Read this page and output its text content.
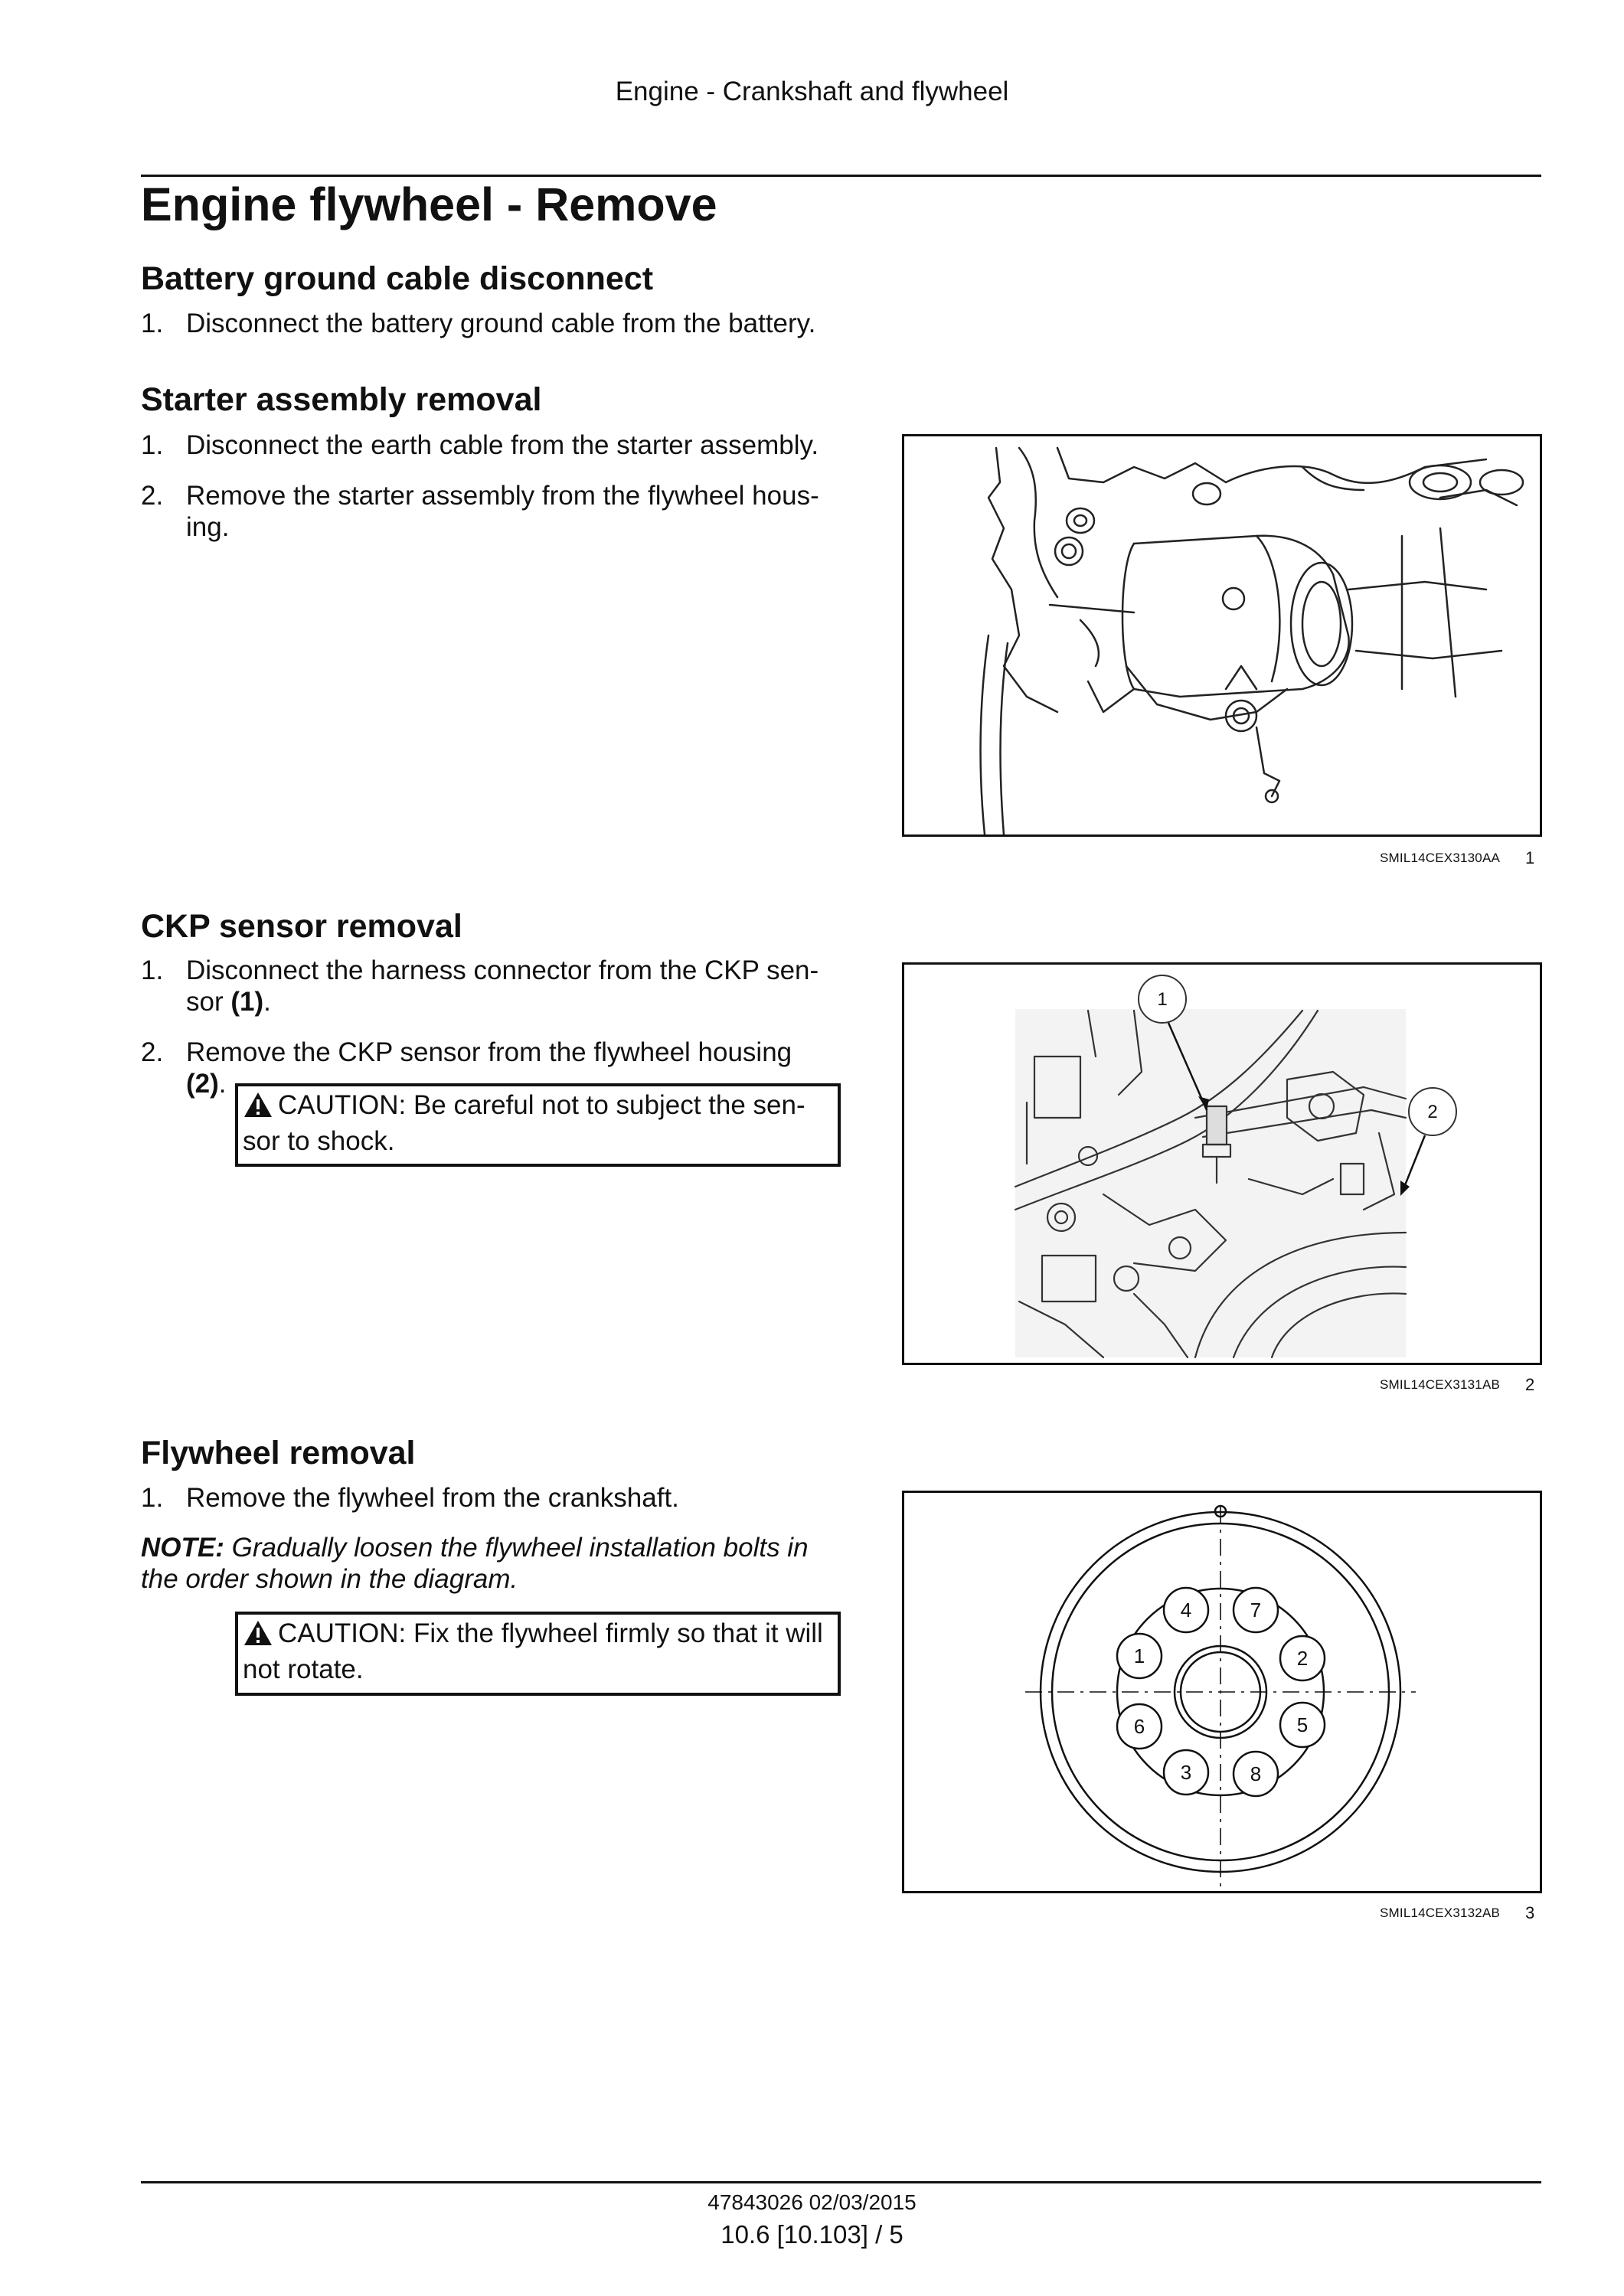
Engine - Crankshaft and flywheel
Engine flywheel - Remove
Battery ground cable disconnect
1. Disconnect the battery ground cable from the battery.
Starter assembly removal
1. Disconnect the earth cable from the starter assembly.
2. Remove the starter assembly from the flywheel hous-
ing.
SMIL14CEX3130AA 1
CKP sensor removal
1. Disconnect the harness connector from the CKP sen-
sor (1).
2. Remove the CKP sensor from the flywheel housing (2).
CAUTION: Be careful not to subject the sen-
sor to shock.
1
2
SMIL14CEX3131AB 2
Flywheel removal
1. Remove the flywheel from the crankshaft.
NOTE: Gradually loosen the flywheel installation bolts in
the order shown in the diagram.
CAUTION: Fix the flywheel firmly so that it will
not rotate.
4	7
1	2
6	5
3	8
SMIL14CEX3132AB 3
47843026 02/03/2015
10.6 [10.103] / 5
